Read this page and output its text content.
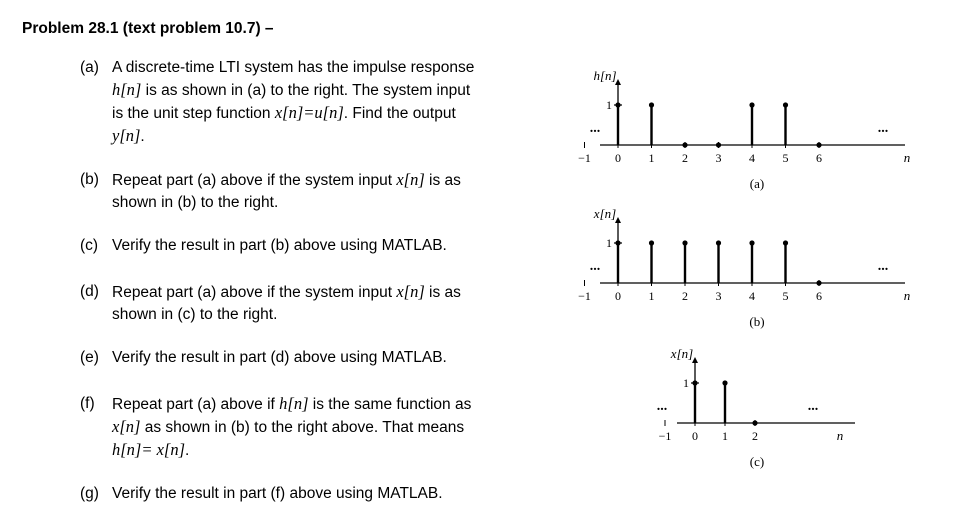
Problem 28.1 (text problem 10.7) –
(a) A discrete-time LTI system has the impulse response
h[n] is as shown in (a) to the right. The system input
is the unit step function x[n]=u[n]. Find the output
y[n].
(b) Repeat part (a) above if the system input x[n] is as
shown in (b) to the right.
(c) Verify the result in part (b) above using MATLAB.
(d) Repeat part (a) above if the system input x[n] is as
shown in (c) to the right.
(e) Verify the result in part (d) above using MATLAB.
(f) Repeat part (a) above if h[n] is the same function as
x[n] as shown in (b) to the right above. That means
h[n]= x[n].
(g) Verify the result in part (f) above using MATLAB.
h[n]
1
−1 0 1 2 3 4 5 6
...	...
n
(a)
x[n]
1
−1 0 1 2 3 4 5 6
...	...
n
(b)
x[n]
1
−1 0 1 2
...	...
n
(c)
